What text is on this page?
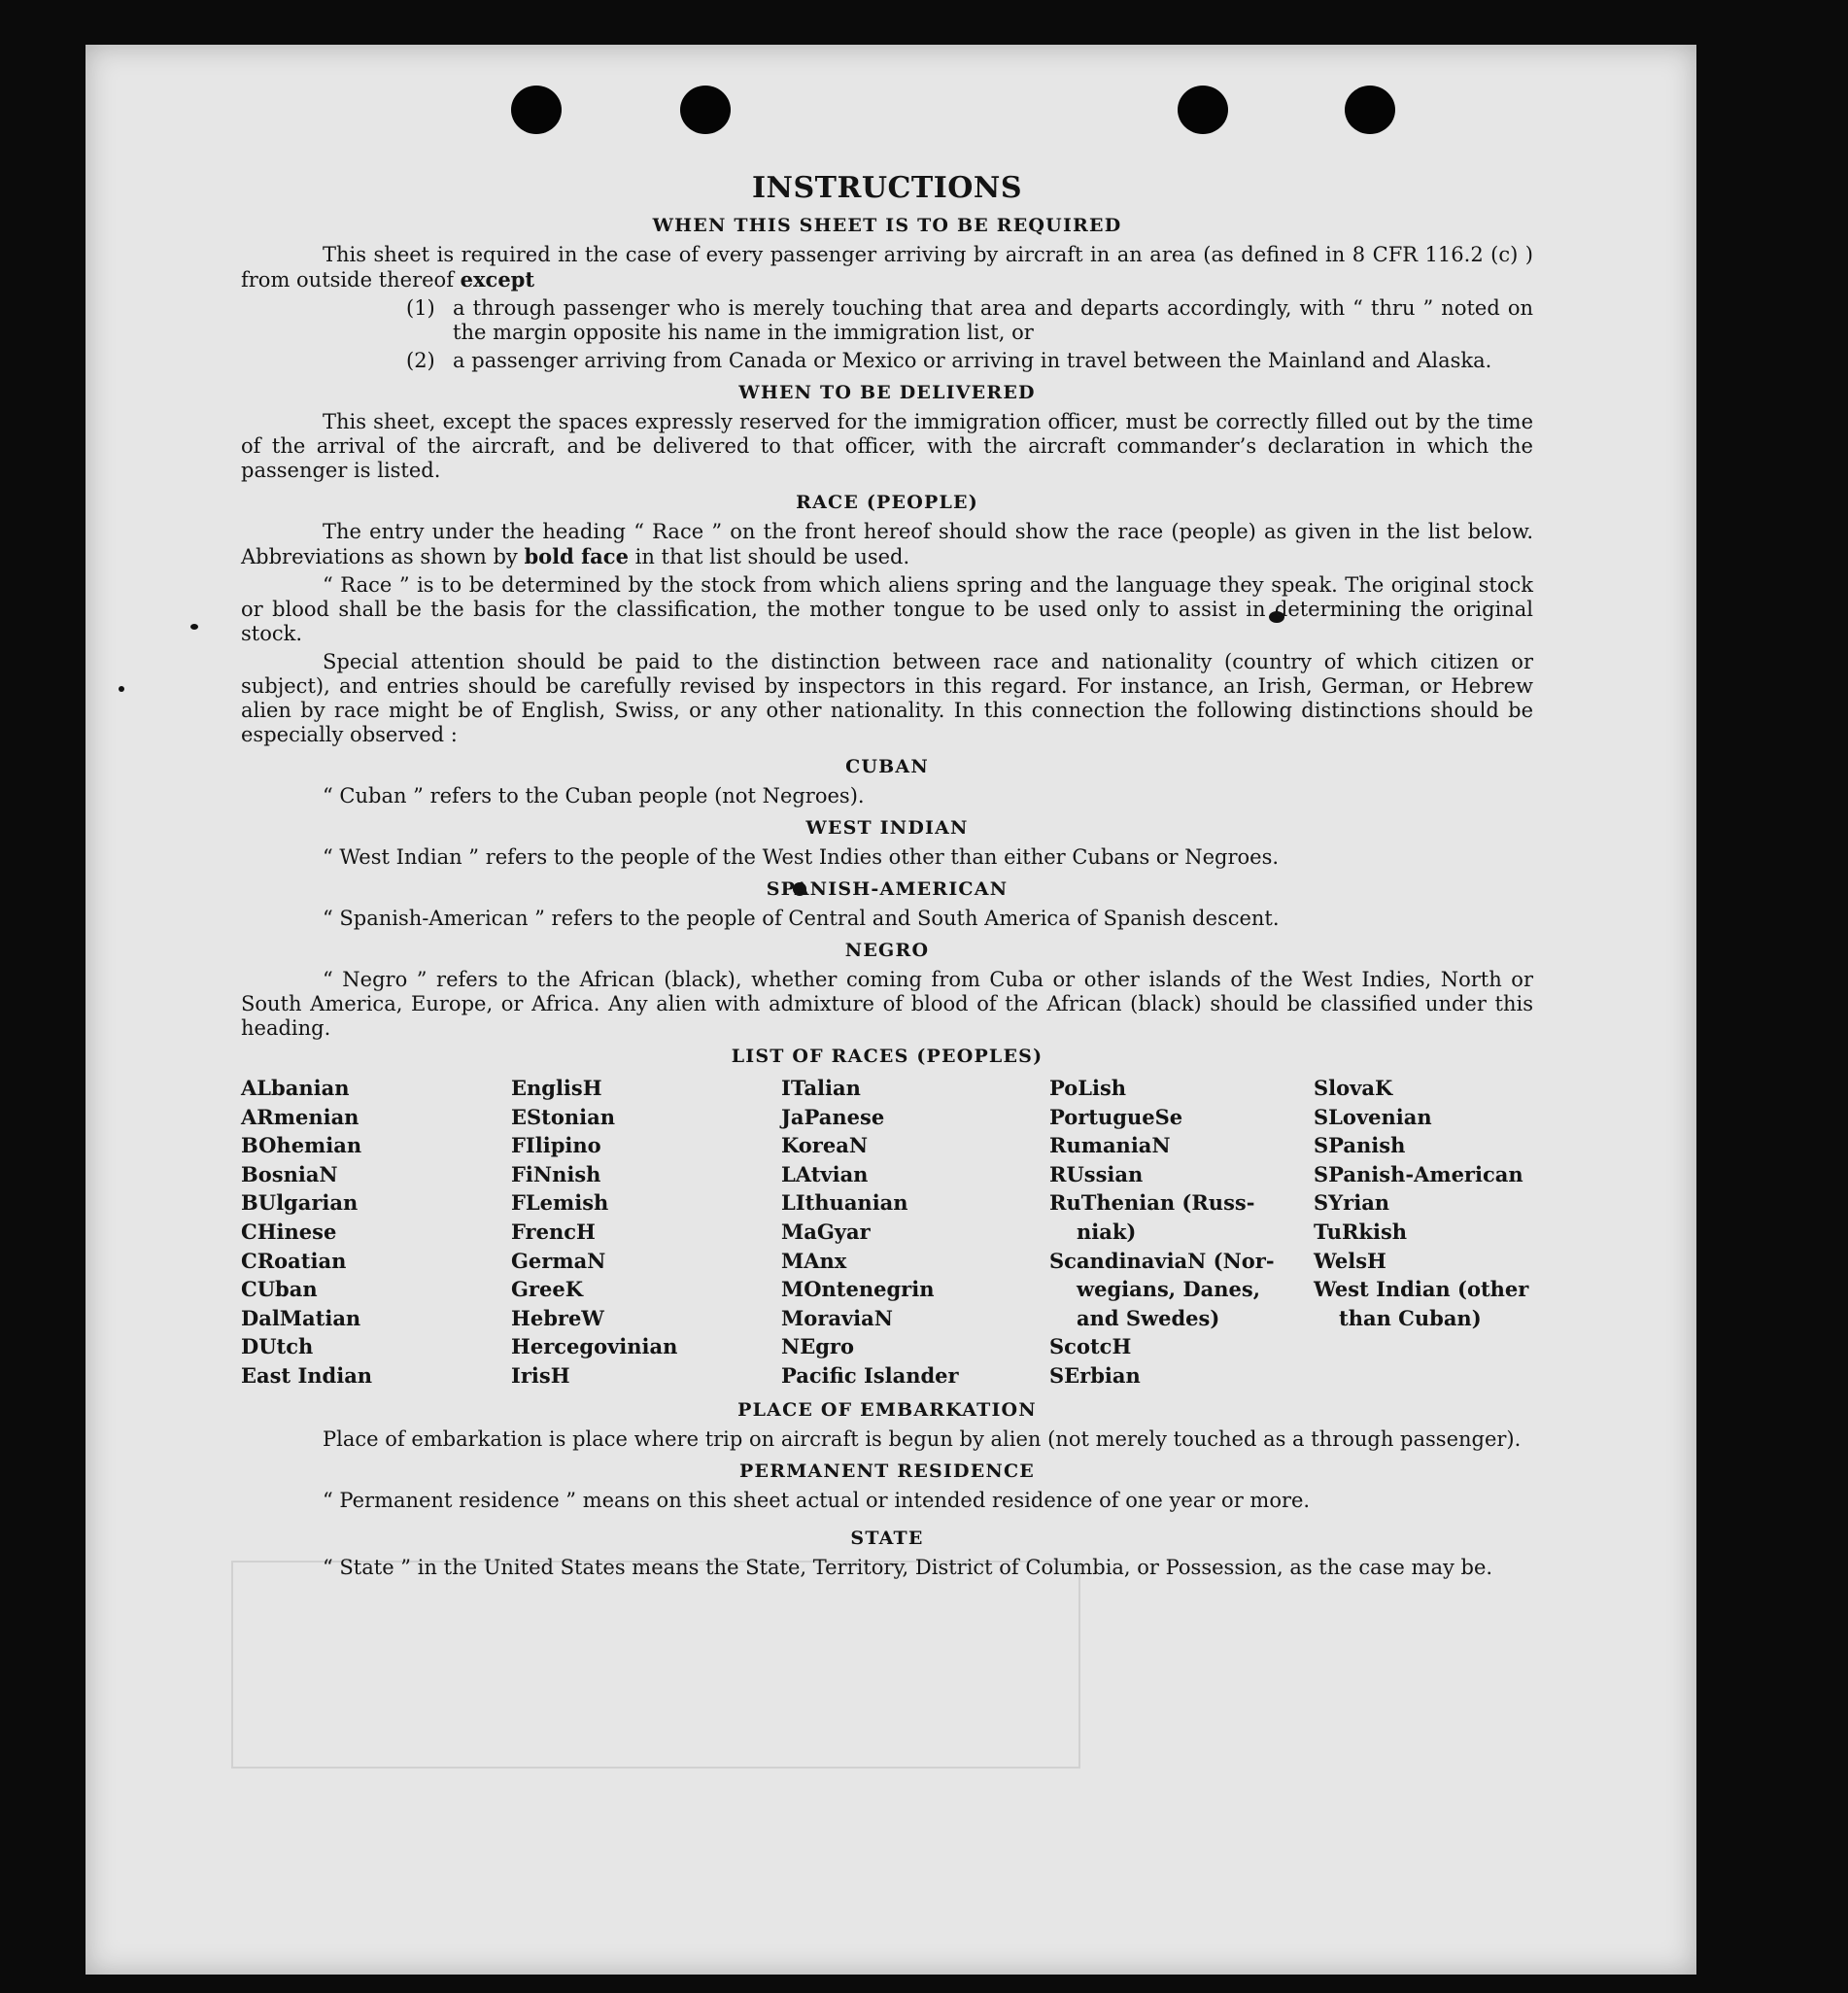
INSTRUCTIONS
WHEN THIS SHEET IS TO BE REQUIRED

This sheet is required in the case of every passenger arriving by aircraft in an area (as defined in 8 CFR 116.2 (c) ) from outside thereof except

(1) a through passenger who is merely touching that area and departs accordingly, with “ thru ” noted on the margin opposite his name in the immigration list, or
(2) a passenger arriving from Canada or Mexico or arriving in travel between the Mainland and Alaska.
WHEN TO BE DELIVERED

This sheet, except the spaces expressly reserved for the immigration officer, must be correctly filled out by the time of the arrival of the aircraft, and be delivered to that officer, with the aircraft commander’s declaration in which the passenger is listed.

RACE (PEOPLE)

The entry under the heading “ Race ” on the front hereof should show the race (people) as given in the list below. Abbreviations as shown by bold face in that list should be used.

“ Race ” is to be determined by the stock from which aliens spring and the language they speak. The original stock or blood shall be the basis for the classification, the mother tongue to be used only to assist in determining the original stock.

Special attention should be paid to the distinction between race and nationality (country of which citizen or subject), and entries should be carefully revised by inspectors in this regard. For instance, an Irish, German, or Hebrew alien by race might be of English, Swiss, or any other nationality. In this connection the following distinctions should be especially observed :

CUBAN

“ Cuban ” refers to the Cuban people (not Negroes).

WEST INDIAN

“ West Indian ” refers to the people of the West Indies other than either Cubans or Negroes.

SPANISH-AMERICAN

“ Spanish-American ” refers to the people of Central and South America of Spanish descent.

NEGRO

“ Negro ” refers to the African (black), whether coming from Cuba or other islands of the West Indies, North or South America, Europe, or Africa. Any alien with admixture of blood of the African (black) should be classified under this heading.

LIST OF RACES (PEOPLES)
ALbanian
ARmenian
BOhemian
BosniaN
BUlgarian
CHinese
CRoatian
CUban
DalMatian
DUtch
East Indian
EnglisH
EStonian
FIlipino
FiNnish
FLemish
FrencH
GermaN
GreeK
HebreW
Hercegovinian
IrisH
ITalian
JaPanese
KoreaN
LAtvian
LIthuanian
MaGyar
MAnx
MOntenegrin
MoraviaN
NEgro
Pacific Islander
PoLish
PortugueSe
RumaniaN
RUssian
RuThenian (Russ-
niak)
ScandinaviaN (Nor-
wegians, Danes,
and Swedes)
ScotcH
SErbian
SlovaK
SLovenian
SPanish
SPanish-American
SYrian
TuRkish
WelsH
West Indian (other
than Cuban)
PLACE OF EMBARKATION

Place of embarkation is place where trip on aircraft is begun by alien (not merely touched as a through passenger).

PERMANENT RESIDENCE

“ Permanent residence ” means on this sheet actual or intended residence of one year or more.

STATE

“ State ” in the United States means the State, Territory, District of Columbia, or Possession, as the case may be.
